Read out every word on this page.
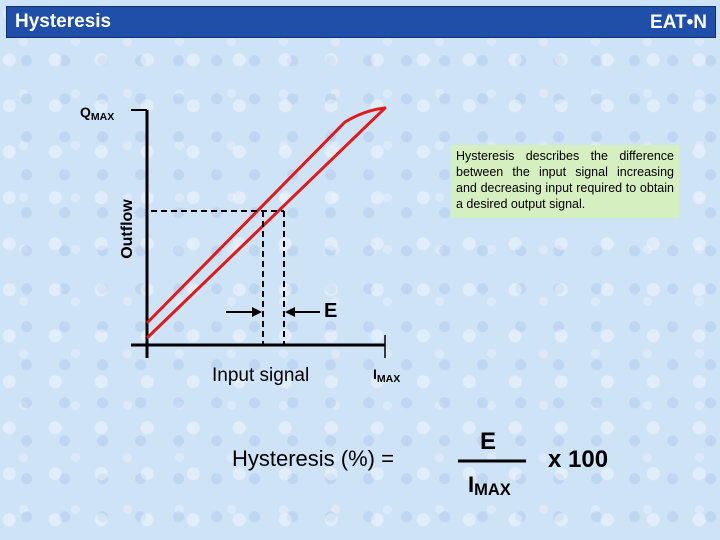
Hysteresis	EAT•N
$Q_{MAX}$
Outflow
Input signal	$I_{MAX}$
E
Hysteresis describes the difference between the input signal increasing and decreasing input required to obtain a desired output signal.
Hysteresis (%) =
E
$I_{MAX}$
x 100
